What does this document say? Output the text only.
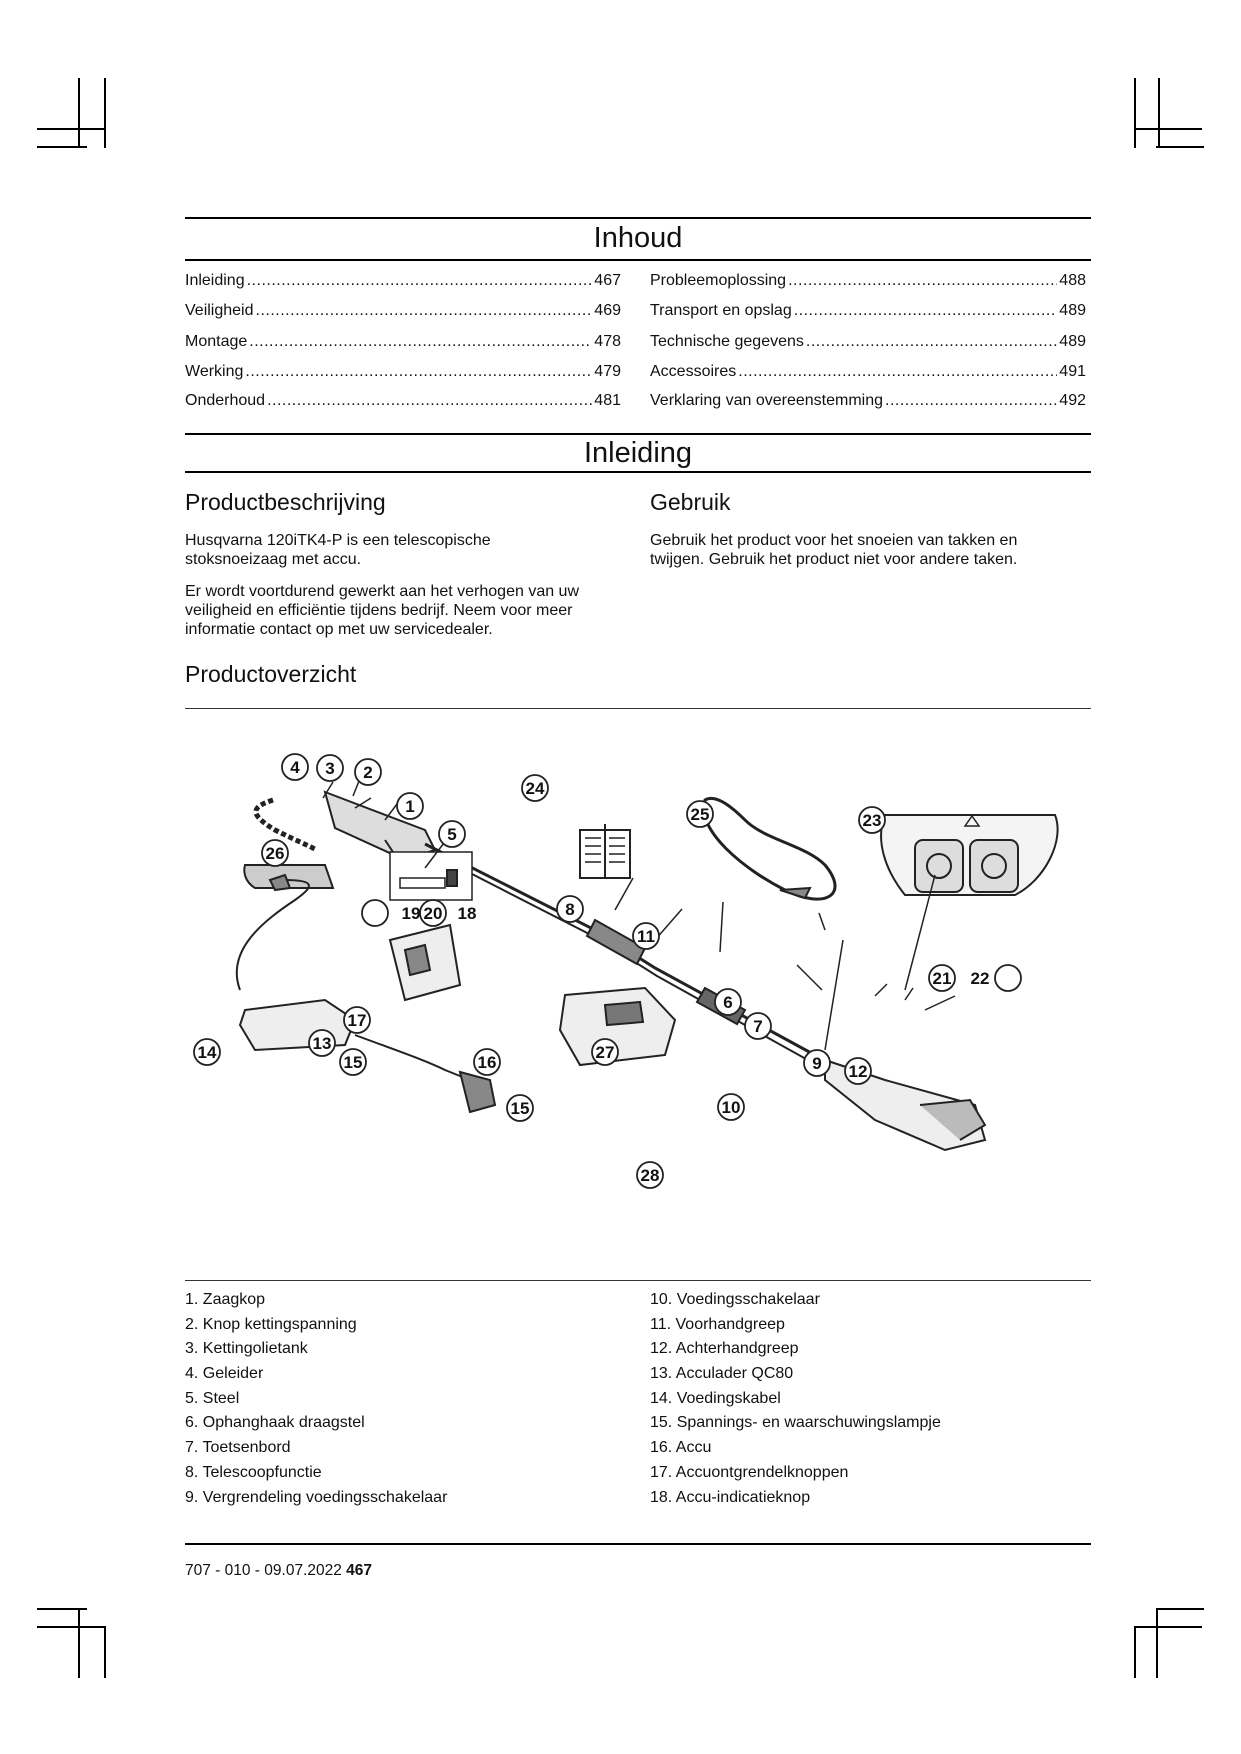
Inhoud
Inleiding .....	467
Veiligheid .....	469
Montage .....	478
Werking .....	479
Onderhoud .....	481
Probleemoplossing .....	488
Transport en opslag .....	489
Technische gegevens .....	489
Accessoires .....	491
Verklaring van overeenstemming .....	492
Inleiding
Productbeschrijving
Husqvarna 120iTK4-P is een telescopische stoksnoeizaag met accu.
Er wordt voortdurend gewerkt aan het verhogen van uw veiligheid en efficiëntie tijdens bedrijf. Neem voor meer informatie contact op met uw servicedealer.
Gebruik
Gebruik het product voor het snoeien van takken en twijgen. Gebruik het product niet voor andere taken.
Productoverzicht
4 3 2
1
5
26
24
25	23
8
11
19 20 18
17
16
14	13
15
27
15
28
6
7
9 12
10
21 22
1. Zaagkop
2. Knop kettingspanning
3. Kettingolietank
4. Geleider
5. Steel
6. Ophanghaak draagstel
7. Toetsenbord
8. Telescoopfunctie
9. Vergrendeling voedingsschakelaar
10. Voedingsschakelaar
11. Voorhandgreep
12. Achterhandgreep
13. Acculader QC80
14. Voedingskabel
15. Spannings- en waarschuwingslampje
16. Accu
17. Accuontgrendelknoppen
18. Accu-indicatieknop
707 - 010 - 09.07.2022 467
